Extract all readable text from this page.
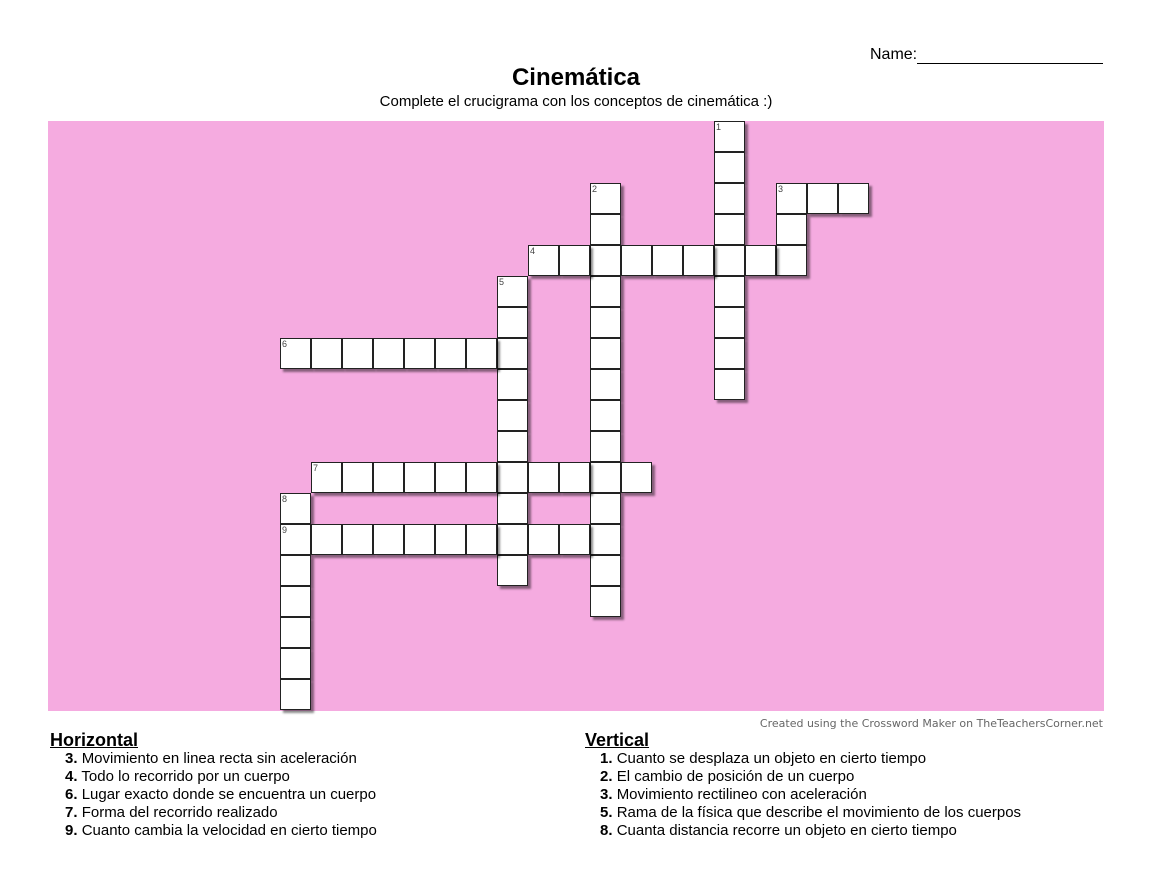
Name:
Cinemática
Complete el crucigrama con los conceptos de cinemática :)
1
2	3
4
5
6
7
8
9
Created using the Crossword Maker on TheTeachersCorner.net
Horizontal
3. Movimiento en linea recta sin aceleración
4. Todo lo recorrido por un cuerpo
6. Lugar exacto donde se encuentra un cuerpo
7. Forma del recorrido realizado
9. Cuanto cambia la velocidad en cierto tiempo
Vertical
1. Cuanto se desplaza un objeto en cierto tiempo
2. El cambio de posición de un cuerpo
3. Movimiento rectilineo con aceleración
5. Rama de la física que describe el movimiento de los cuerpos
8. Cuanta distancia recorre un objeto en cierto tiempo
